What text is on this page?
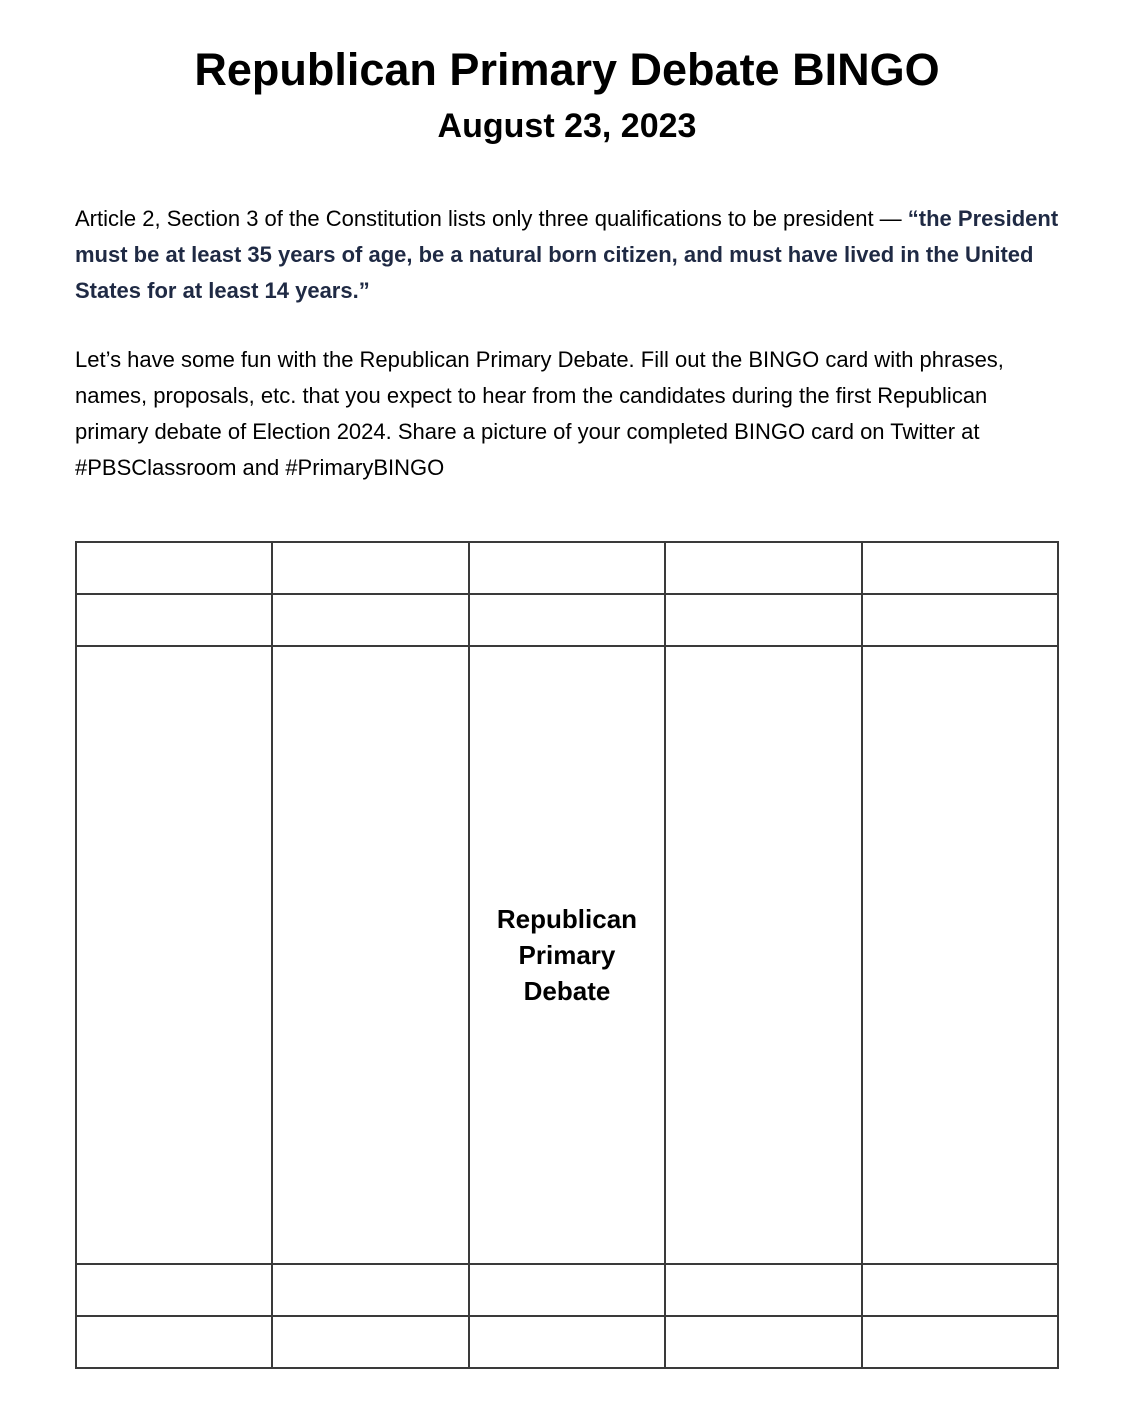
Republican Primary Debate BINGO
August 23, 2023

Article 2, Section 3 of the Constitution lists only three qualifications to be president — “the President must be at least 35 years of age, be a natural born citizen, and must have lived in the United States for at least 14 years.”

Let’s have some fun with the Republican Primary Debate. Fill out the BINGO card with phrases, names, proposals, etc. that you expect to hear from the candidates during the first Republican primary debate of Election 2024. Share a picture of your completed BINGO card on Twitter at #PBSClassroom and #PrimaryBINGO

		Republican
Primary
Debate		
